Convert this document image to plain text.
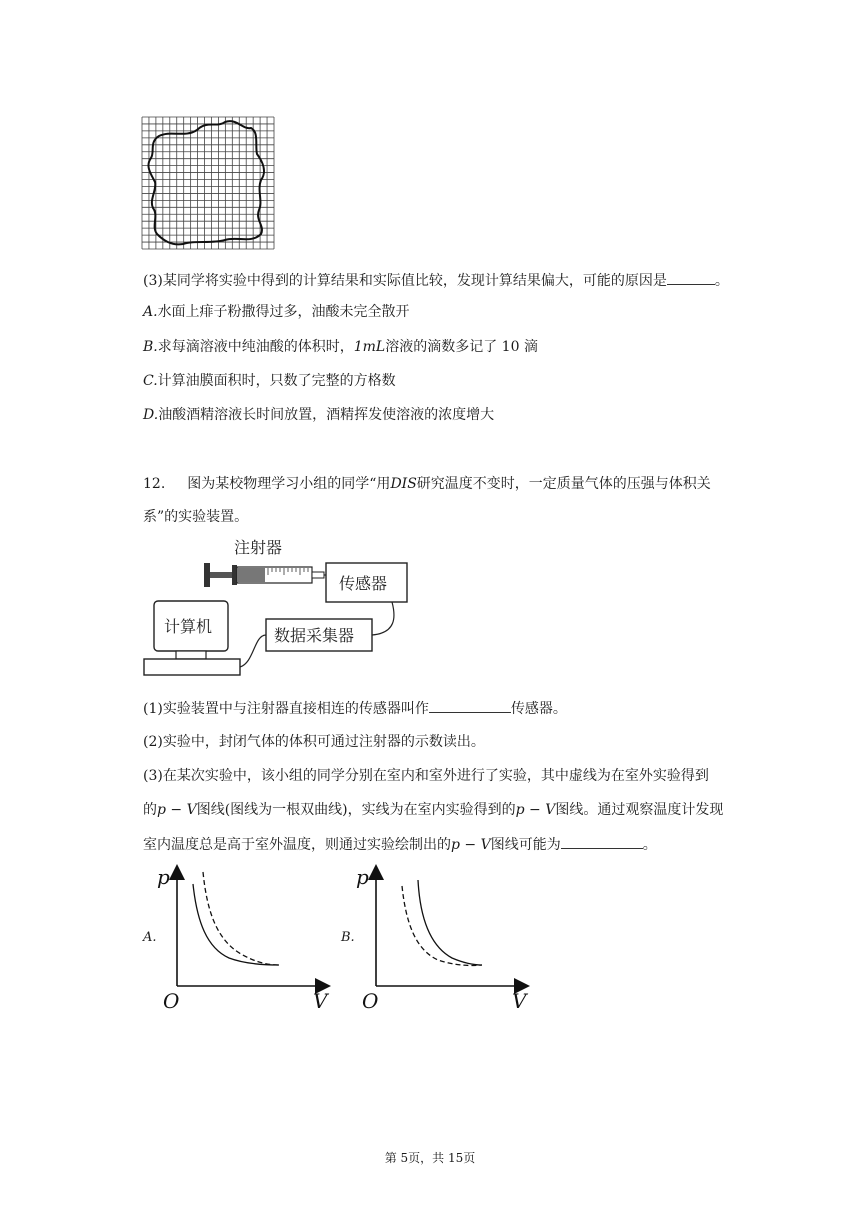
(3)某同学将实验中得到的计算结果和实际值比较，发现计算结果偏大，可能的原因是	。
A.水面上痱子粉撒得过多，油酸未完全散开
B.求每滴溶液中纯油酸的体积时，1mL溶液的滴数多记了 10 滴
C.计算油膜面积时，只数了完整的方格数
D.油酸酒精溶液长时间放置，酒精挥发使溶液的浓度增大
12. 图为某校物理学习小组的同学“用DIS研究温度不变时，一定质量气体的压强与体积关
系”的实验装置。
注射器
传感器
数据采集器
计算机
(1)实验装置中与注射器直接相连的传感器叫作	传感器。
(2)实验中，封闭气体的体积可通过注射器的示数读出。
(3)在某次实验中，该小组的同学分别在室内和室外进行了实验，其中虚线为在室外实验得到
的p − V图线(图线为一根双曲线)，实线为在室内实验得到的p − V图线。通过观察温度计发现
室内温度总是高于室外温度，则通过实验绘制出的p − V图线可能为	。
A.
p
V
O
B.
p
V
O
第 5页，共 15页
